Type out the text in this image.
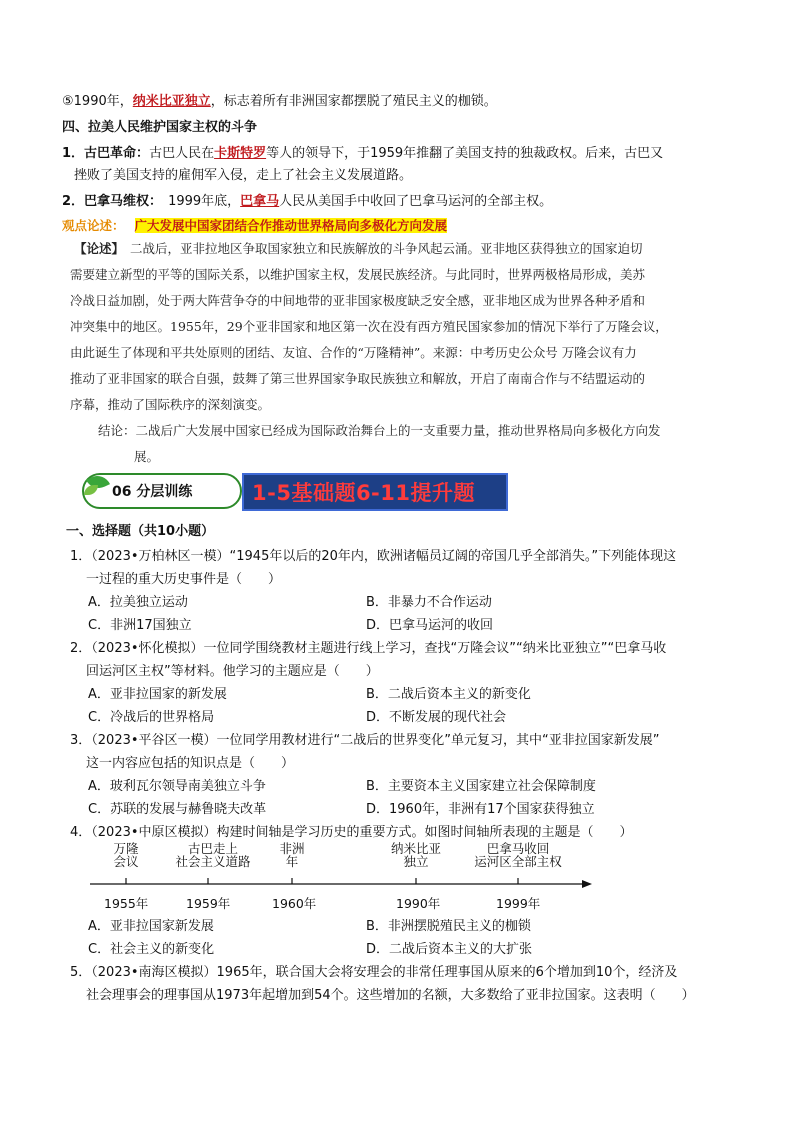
⑤1990年，纳米比亚独立，标志着所有非洲国家都摆脱了殖民主义的枷锁。
四、拉美人民维护国家主权的斗争
1．古巴革命：古巴人民在卡斯特罗等人的领导下，于1959年推翻了美国支持的独裁政权。后来，古巴又
挫败了美国支持的雇佣军入侵，走上了社会主义发展道路。
2．巴拿马维权： 1999年底，巴拿马人民从美国手中收回了巴拿马运河的全部主权。
观点论述： 广大发展中国家团结合作推动世界格局向多极化方向发展

【论述】 二战后，亚非拉地区争取国家独立和民族解放的斗争风起云涌。亚非地区获得独立的国家迫切

需要建立新型的平等的国际关系，以维护国家主权，发展民族经济。与此同时，世界两极格局形成，美苏

冷战日益加剧，处于两大阵营争夺的中间地带的亚非国家极度缺乏安全感，亚非地区成为世界各种矛盾和

冲突集中的地区。1955年，29个亚非国家和地区第一次在没有西方殖民国家参加的情况下举行了万隆会议，

由此诞生了体现和平共处原则的团结、友谊、合作的“万隆精神”。来源：中考历史公众号 万隆会议有力

推动了亚非国家的联合自强，鼓舞了第三世界国家争取民族独立和解放，开启了南南合作与不结盟运动的

序幕，推动了国际秩序的深刻演变。

结论：二战后广大发展中国家已经成为国际政治舞台上的一支重要力量，推动世界格局向多极化方向发

展。

06 分层训练	1-5基础题6-11提升题
一、选择题（共10小题）
1．（2023•万柏林区一模）“1945年以后的20年内，欧洲诸幅员辽阔的帝国几乎全部消失。”下列能体现这
一过程的重大历史事件是（　　）
A．拉美独立运动	B．非暴力不合作运动
C．非洲17国独立	D．巴拿马运河的收回
2．（2023•怀化模拟）一位同学围绕教材主题进行线上学习，查找“万隆会议”“纳米比亚独立”“巴拿马收
回运河区主权”等材料。他学习的主题应是（　　）
A．亚非拉国家的新发展	B．二战后资本主义的新变化
C．冷战后的世界格局	D．不断发展的现代社会
3．（2023•平谷区一模）一位同学用教材进行“二战后的世界变化”单元复习，其中“亚非拉国家新发展”
这一内容应包括的知识点是（　　）
A．玻利瓦尔领导南美独立斗争	B．主要资本主义国家建立社会保障制度
C．苏联的发展与赫鲁晓夫改革	D．1960年，非洲有17个国家获得独立
4．（2023•中原区模拟）构建时间轴是学习历史的重要方式。如图时间轴所表现的主题是（　　）
万隆
会议
古巴走上
社会主义道路
非洲
年
纳米比亚
独立
巴拿马收回
运河区全部主权
1955年	1959年	1960年	1990年	1999年
A．亚非拉国家新发展	B．非洲摆脱殖民主义的枷锁
C．社会主义的新变化	D．二战后资本主义的大扩张
5．（2023•南海区模拟）1965年，联合国大会将安理会的非常任理事国从原来的6个增加到10个，经济及
社会理事会的理事国从1973年起增加到54个。这些增加的名额，大多数给了亚非拉国家。这表明（　　）
